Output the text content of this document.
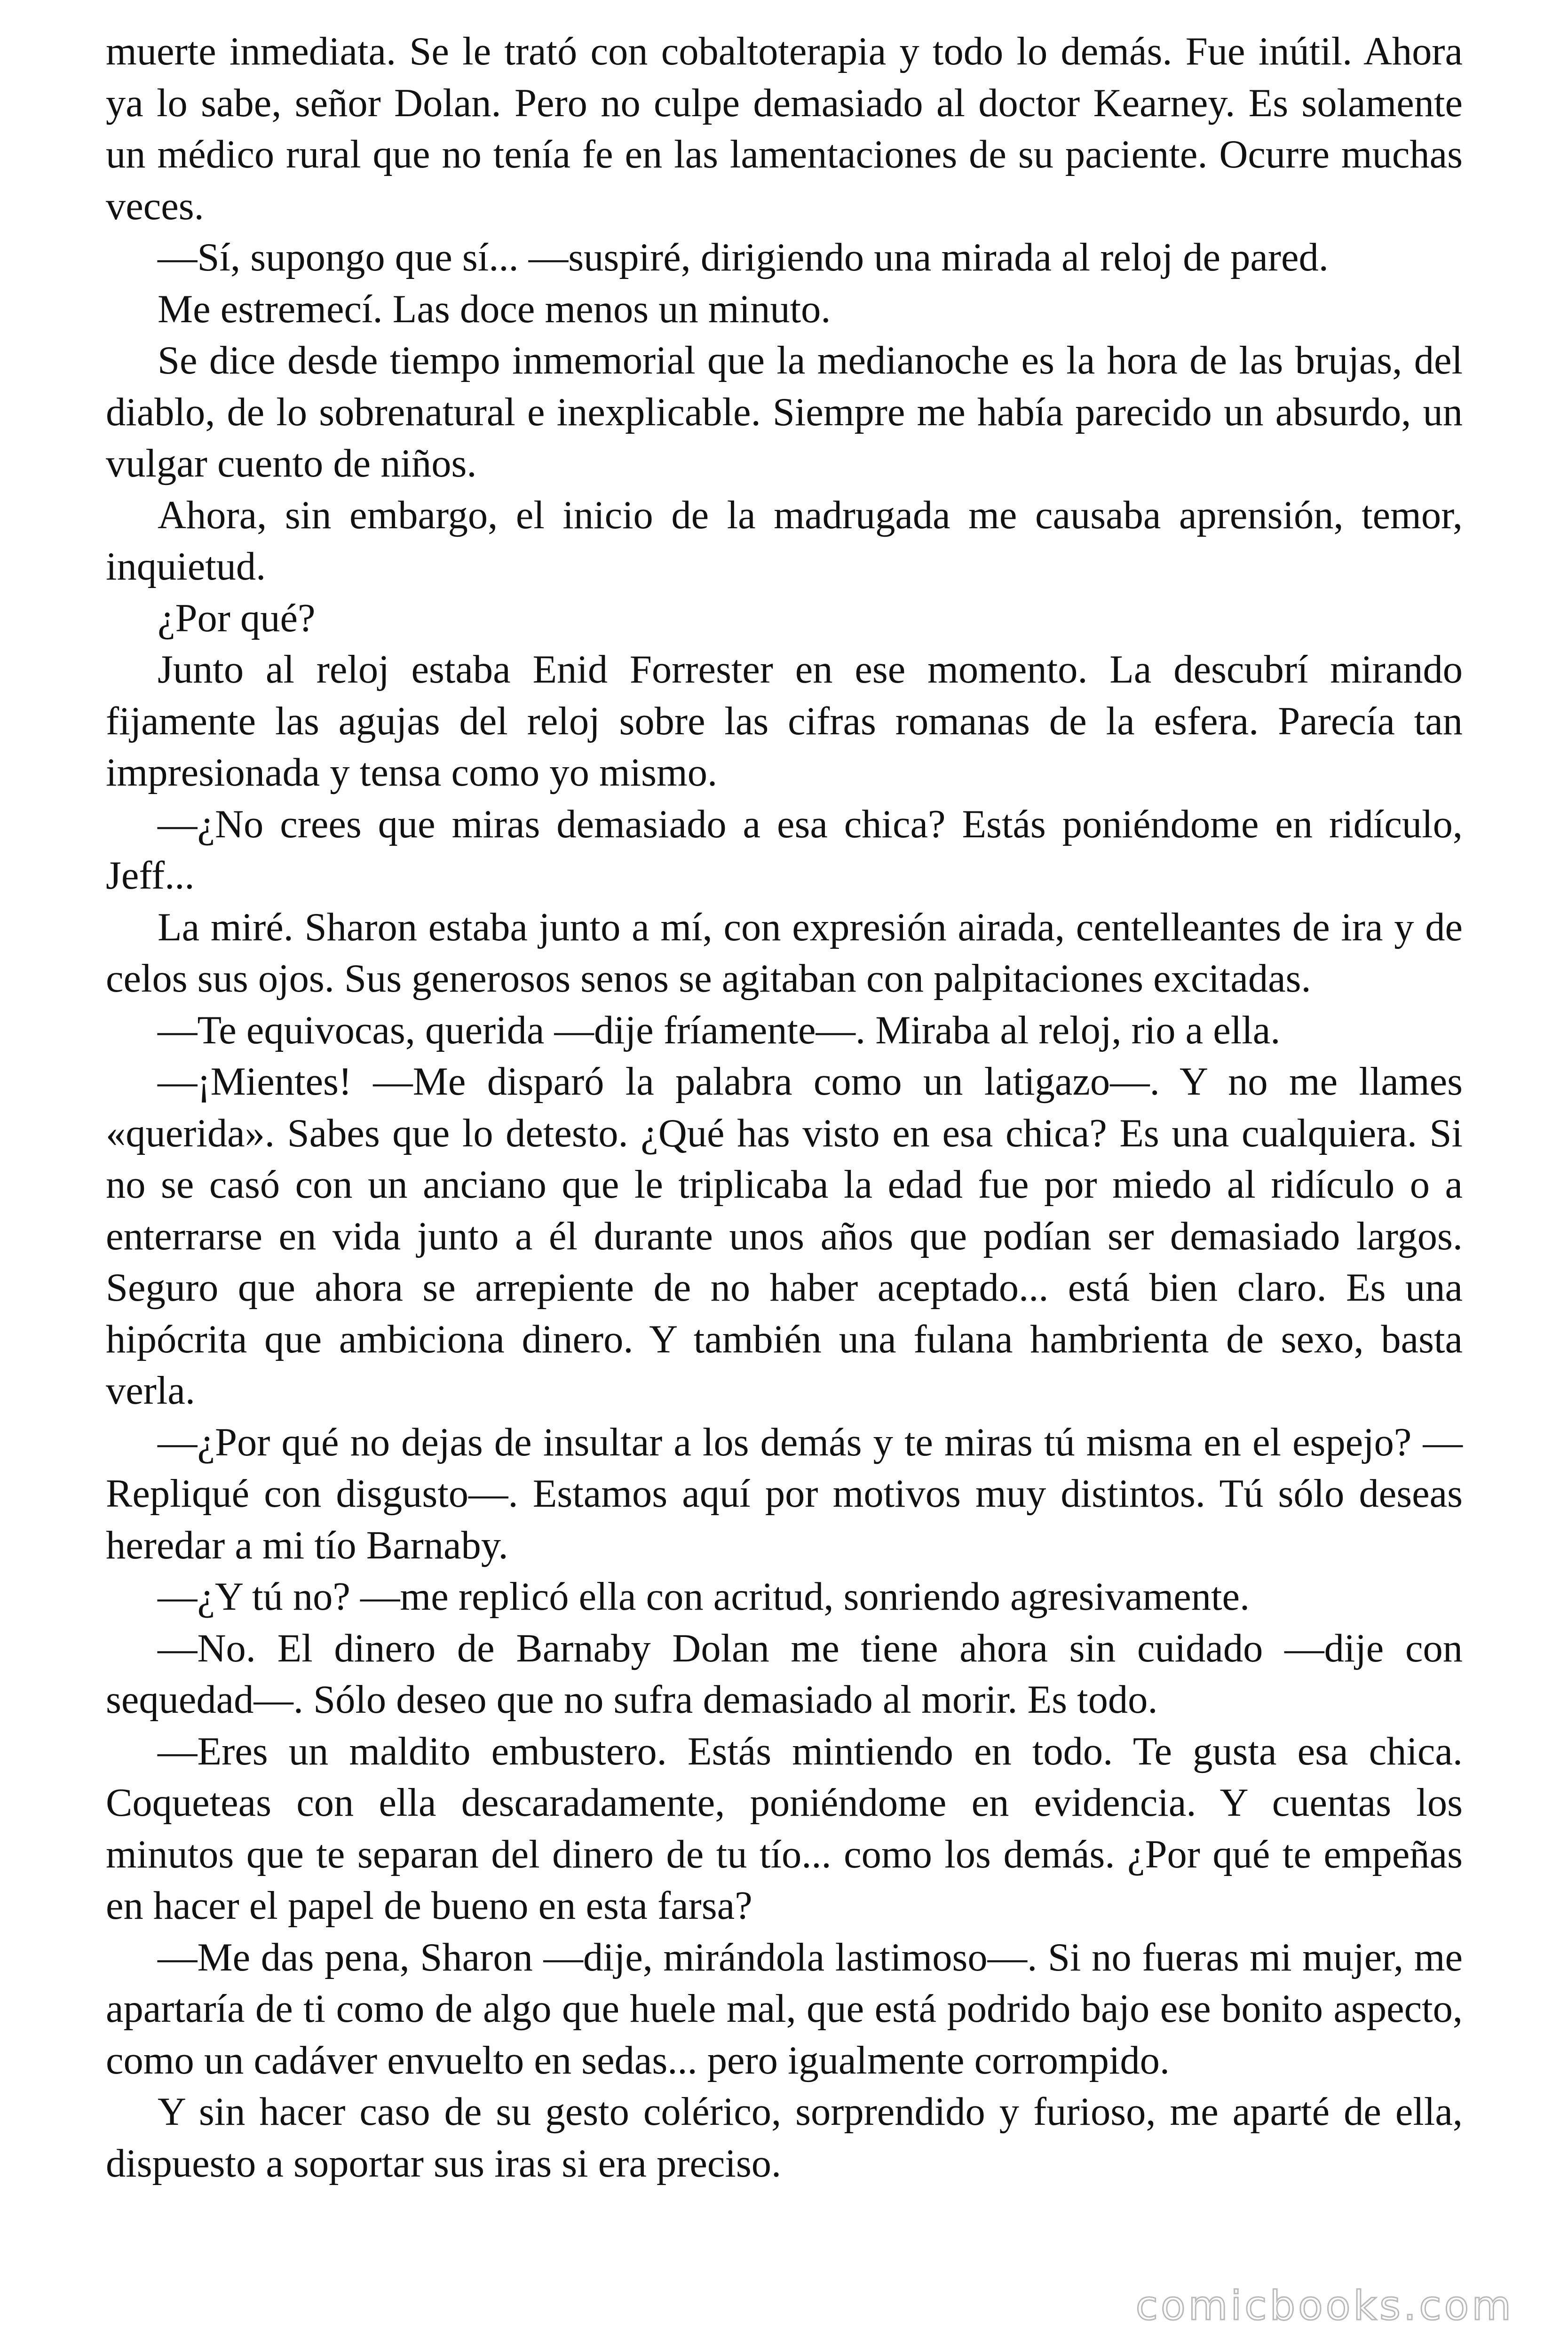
muerte inmediata. Se le trató con cobaltoterapia y todo lo demás. Fue inútil. Ahora ya lo sabe, señor Dolan. Pero no culpe demasiado al doctor Kearney. Es solamente un médico rural que no tenía fe en las lamentaciones de su paciente. Ocurre muchas veces.

—Sí, supongo que sí... —suspiré, dirigiendo una mirada al reloj de pared.

Me estremecí. Las doce menos un minuto.

Se dice desde tiempo inmemorial que la medianoche es la hora de las brujas, del diablo, de lo sobrenatural e inexplicable. Siempre me había parecido un absurdo, un vulgar cuento de niños.

Ahora, sin embargo, el inicio de la madrugada me causaba aprensión, temor, inquietud.

¿Por qué?

Junto al reloj estaba Enid Forrester en ese momento. La descubrí mirando fijamente las agujas del reloj sobre las cifras romanas de la esfera. Parecía tan impresionada y tensa como yo mismo.

—¿No crees que miras demasiado a esa chica? Estás poniéndome en ridículo, Jeff...

La miré. Sharon estaba junto a mí, con expresión airada, centelleantes de ira y de celos sus ojos. Sus generosos senos se agitaban con palpitaciones excitadas.

—Te equivocas, querida —dije fríamente—. Miraba al reloj, rio a ella.

—¡Mientes! —Me disparó la palabra como un latigazo—. Y no me llames «querida». Sabes que lo detesto. ¿Qué has visto en esa chica? Es una cualquiera. Si no se casó con un anciano que le triplicaba la edad fue por miedo al ridículo o a enterrarse en vida junto a él durante unos años que podían ser demasiado largos. Seguro que ahora se arrepiente de no haber aceptado... está bien claro. Es una hipócrita que ambiciona dinero. Y también una fulana hambrienta de sexo, basta verla.

—¿Por qué no dejas de insultar a los demás y te miras tú misma en el espejo? —Repliqué con disgusto—. Estamos aquí por motivos muy distintos. Tú sólo deseas heredar a mi tío Barnaby.

—¿Y tú no? —me replicó ella con acritud, sonriendo agresivamente.

—No. El dinero de Barnaby Dolan me tiene ahora sin cuidado —dije con sequedad—. Sólo deseo que no sufra demasiado al morir. Es todo.

—Eres un maldito embustero. Estás mintiendo en todo. Te gusta esa chica. Coqueteas con ella descaradamente, poniéndome en evidencia. Y cuentas los minutos que te separan del dinero de tu tío... como los demás. ¿Por qué te empeñas en hacer el papel de bueno en esta farsa?

—Me das pena, Sharon —dije, mirándola lastimoso—. Si no fueras mi mujer, me apartaría de ti como de algo que huele mal, que está podrido bajo ese bonito aspecto, como un cadáver envuelto en sedas... pero igualmente corrompido.

Y sin hacer caso de su gesto colérico, sorprendido y furioso, me aparté de ella, dispuesto a soportar sus iras si era preciso.

comicbooks.com
